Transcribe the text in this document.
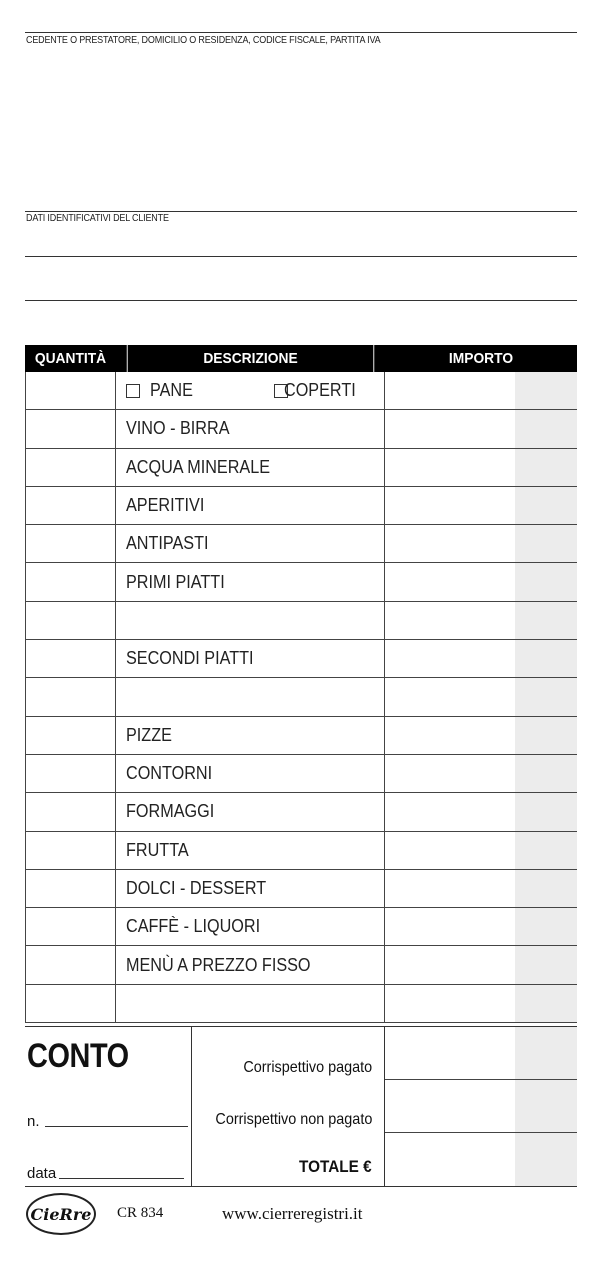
CEDENTE O PRESTATORE, DOMICILIO O RESIDENZA, CODICE FISCALE, PARTITA IVA
DATI IDENTIFICATIVI DEL CLIENTE
QUANTITÀ	DESCRIZIONE	IMPORTO
PANE	COPERTI
VINO - BIRRA
ACQUA MINERALE
APERITIVI
ANTIPASTI
PRIMI PIATTI
SECONDI PIATTI
PIZZE
CONTORNI
FORMAGGI
FRUTTA
DOLCI - DESSERT
CAFFÈ - LIQUORI
MENÙ A PREZZO FISSO
CONTO
n.
data
Corrispettivo pagato
Corrispettivo non pagato
TOTALE €
CieRre CR 834	www.cierreregistri.it
